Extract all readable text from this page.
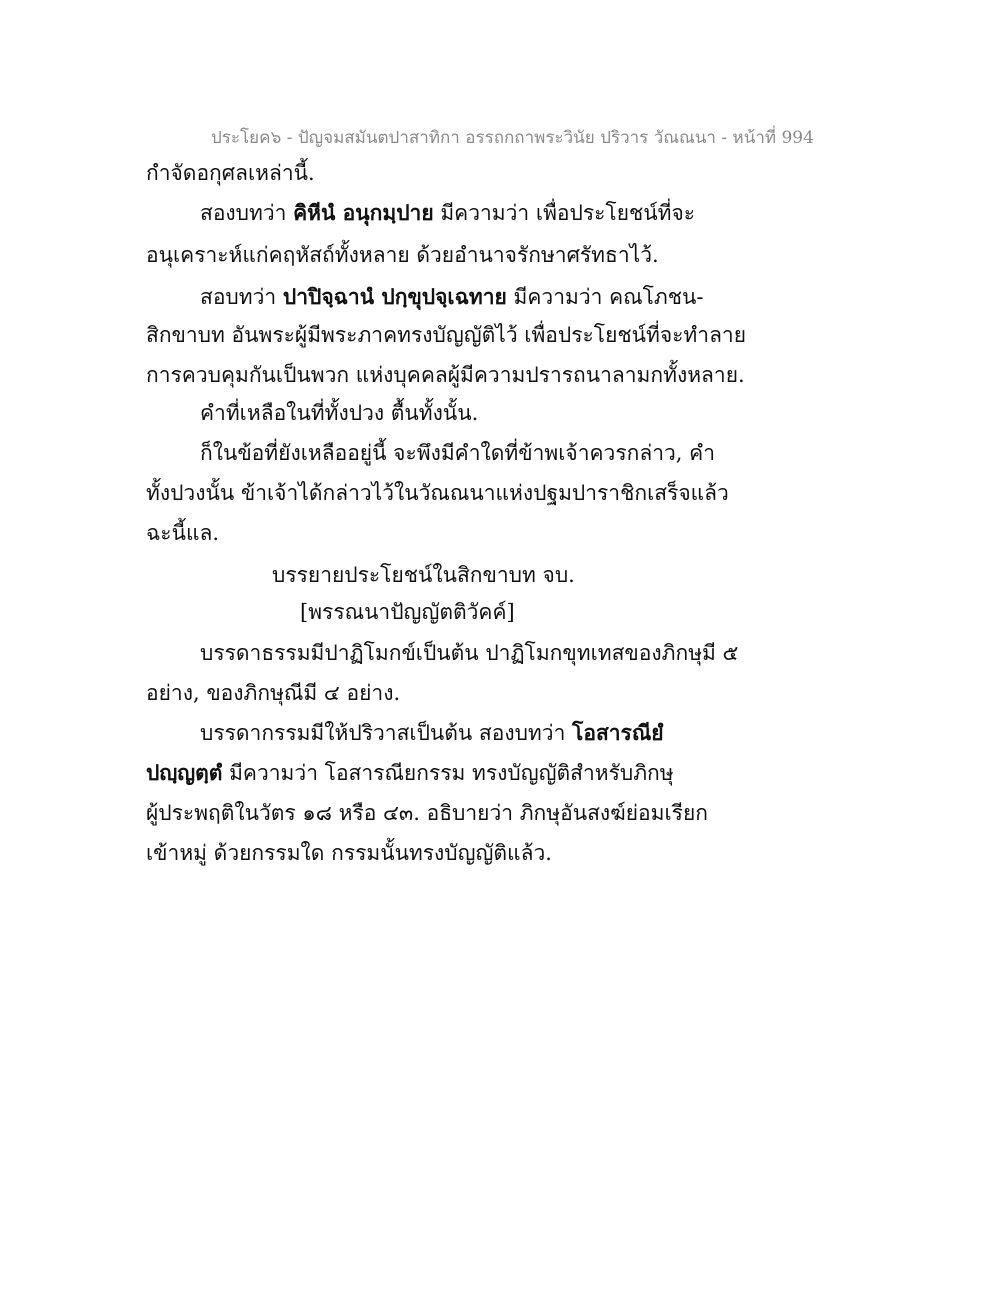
ประโยค๖ - ปัญจมสมันตปาสาทิกา อรรถกถาพระวินัย ปริวาร วัณณนา - หน้าที่ 994
กำจัดอกุศลเหล่านี้.
สองบทว่า คิหีนํ อนุกมฺปาย มีความว่า เพื่อประโยชน์ที่จะ
อนุเคราะห์แก่คฤหัสถ์ทั้งหลาย ด้วยอำนาจรักษาศรัทธาไว้.
สอบทว่า ปาปิจฺฉานํ ปกฺขุปจฺเฉทาย มีความว่า คณโภชน-
สิกขาบท อันพระผู้มีพระภาคทรงบัญญัติไว้ เพื่อประโยชน์ที่จะทำลาย
การควบคุมกันเป็นพวก แห่งบุคคลผู้มีความปรารถนาลามกทั้งหลาย.
คำที่เหลือในที่ทั้งปวง ตื้นทั้งนั้น.
ก็ในข้อที่ยังเหลืออยู่นี้ จะพึงมีคำใดที่ข้าพเจ้าควรกล่าว, คำ
ทั้งปวงนั้น ข้าเจ้าได้กล่าวไว้ในวัณณนาแห่งปฐมปาราชิกเสร็จแล้ว
ฉะนี้แล.
บรรยายประโยชน์ในสิกขาบท จบ.
[พรรณนาปัญญัตติวัคค์]
บรรดาธรรมมีปาฏิโมกข์เป็นต้น ปาฏิโมกขุทเทสของภิกษุมี ๕
อย่าง, ของภิกษุณีมี ๔ อย่าง.
บรรดากรรมมีให้ปริวาสเป็นต้น สองบทว่า โอสารณียํ
ปญฺญตฺตํ มีความว่า โอสารณียกรรม ทรงบัญญัติสำหรับภิกษุ
ผู้ประพฤติในวัตร ๑๘ หรือ ๔๓. อธิบายว่า ภิกษุอันสงฆ์ย่อมเรียก
เข้าหมู่ ด้วยกรรมใด กรรมนั้นทรงบัญญัติแล้ว.
